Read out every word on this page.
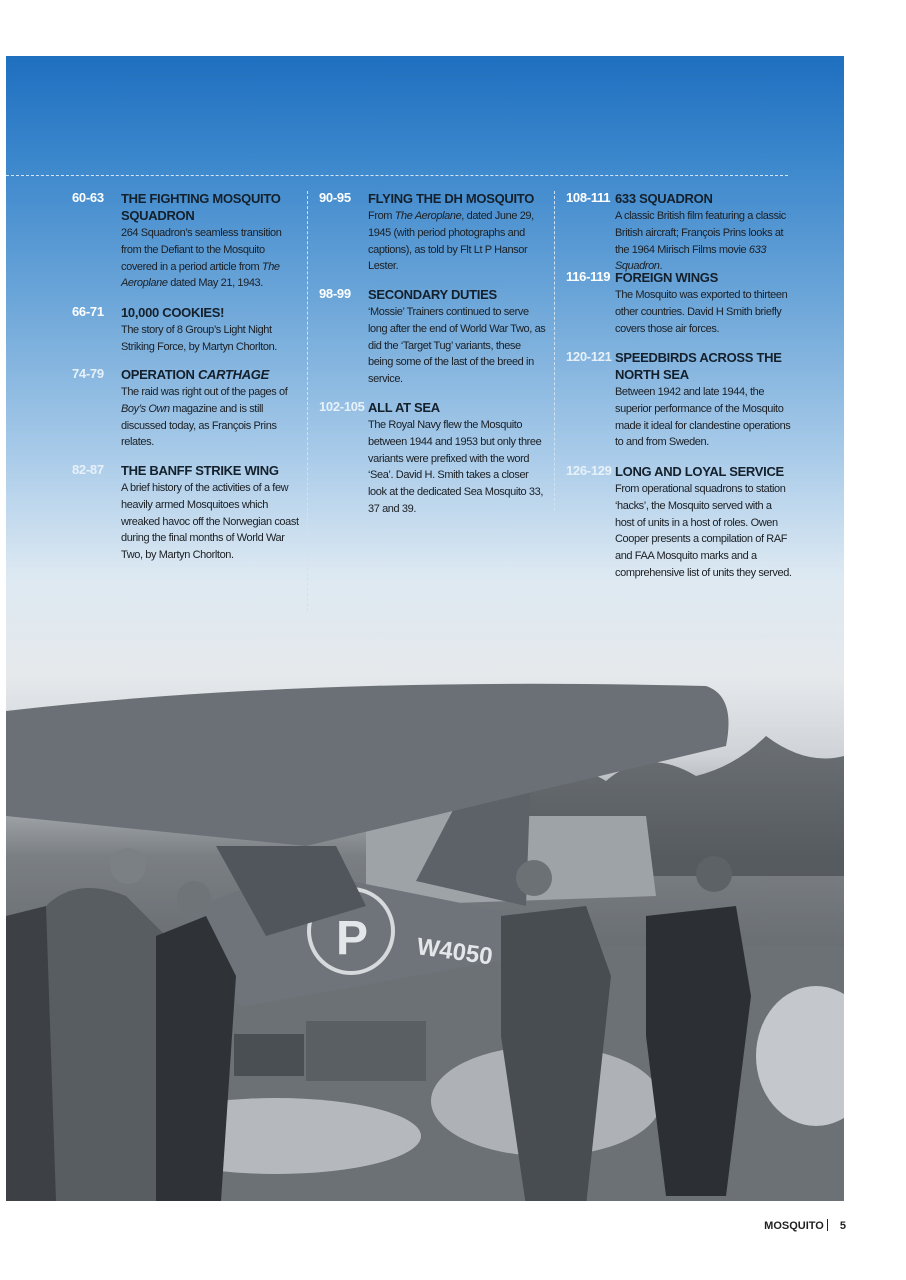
60-63 THE FIGHTING MOSQUITO SQUADRON
264 Squadron’s seamless transition from the Defiant to the Mosquito covered in a period article from The Aeroplane dated May 21, 1943.
66-71 10,000 COOKIES!
The story of 8 Group’s Light Night Striking Force, by Martyn Chorlton.
74-79 OPERATION CARTHAGE
The raid was right out of the pages of Boy’s Own magazine and is still discussed today, as François Prins relates.
82-87 THE BANFF STRIKE WING
A brief history of the activities of a few heavily armed Mosquitoes which wreaked havoc off the Norwegian coast during the final months of World War Two, by Martyn Chorlton.
90-95 FLYING THE DH MOSQUITO
From The Aeroplane, dated June 29, 1945 (with period photographs and captions), as told by Flt Lt P Hansor Lester.
98-99 SECONDARY DUTIES
‘Mossie’ Trainers continued to serve long after the end of World War Two, as did the ‘Target Tug’ variants, these being some of the last of the breed in service.
102-105 ALL AT SEA
The Royal Navy flew the Mosquito between 1944 and 1953 but only three variants were prefixed with the word ‘Sea’. David H. Smith takes a closer look at the dedicated Sea Mosquito 33, 37 and 39.
108-111 633 SQUADRON
A classic British film featuring a classic British aircraft; François Prins looks at the 1964 Mirisch Films movie 633 Squadron.
116-119 FOREIGN WINGS
The Mosquito was exported to thirteen other countries. David H Smith briefly covers those air forces.
120-121 SPEEDBIRDS ACROSS THE NORTH SEA
Between 1942 and late 1944, the superior performance of the Mosquito made it ideal for clandestine operations to and from Sweden.
126-129 LONG AND LOYAL SERVICE
From operational squadrons to station ‘hacks’, the Mosquito served with a host of units in a host of roles. Owen Cooper presents a compilation of RAF and FAA Mosquito marks and a comprehensive list of units they served.
P W4050
MOSQUITO 5
